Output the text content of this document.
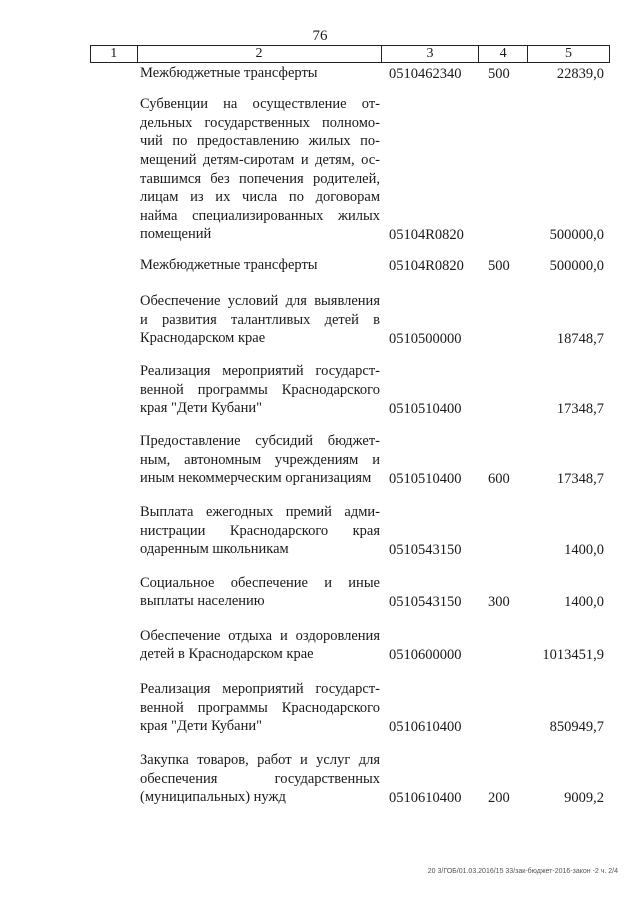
76
1	2	3	4	5
Межбюджетные трансферты	0510462340 500	22839,0
Субвенции на осуществление от-дельных государственных полномо-чий по предоставлению жилых по-мещений детям-сиротам и детям, ос-тавшимся без попечения родителей, лицам из их числа по договорам найма специализированных жилых помещений	05104R0820	500000,0
Межбюджетные трансферты	05104R0820 500	500000,0
Обеспечение условий для выявления и развития талантливых детей в Краснодарском крае	0510500000	18748,7
Реализация мероприятий государст-венной программы Краснодарского края "Дети Кубани"	0510510400	17348,7
Предоставление субсидий бюджет-ным, автономным учреждениям и иным некоммерческим организациям	0510510400 600	17348,7
Выплата ежегодных премий адми-нистрации Краснодарского края одаренным школьникам	0510543150	1400,0
Социальное обеспечение и иные выплаты населению	0510543150 300	1400,0
Обеспечение отдыха и оздоровления детей в Краснодарском крае	0510600000	1013451,9
Реализация мероприятий государст-венной программы Краснодарского края "Дети Кубани"	0510610400	850949,7
Закупка товаров, работ и услуг для обеспечения государственных (муниципальных) нужд	0510610400 200	9009,2
20 3/ГОБ/01.03.2016/15 33/зак-бюджет-2016-закон -2 ч. 2/4
